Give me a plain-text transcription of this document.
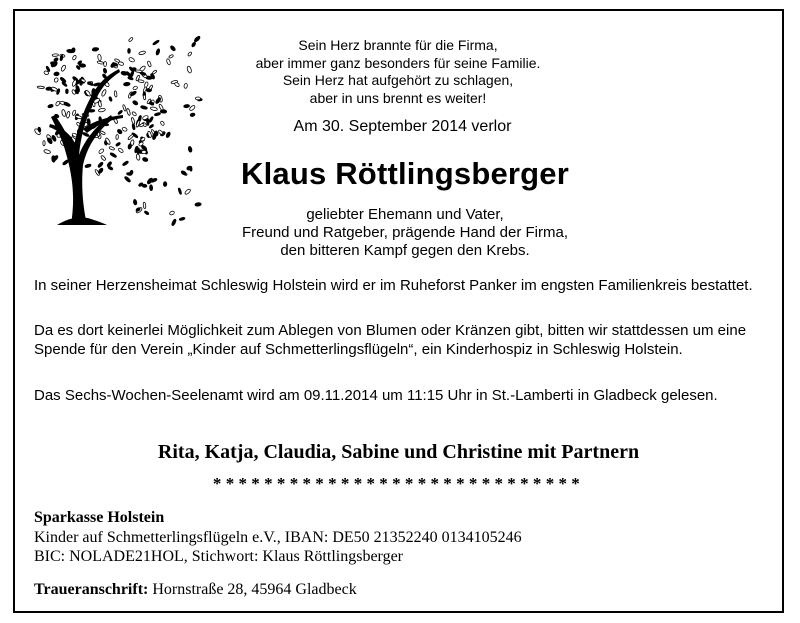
Sein Herz brannte für die Firma,
aber immer ganz besonders für seine Familie.
Sein Herz hat aufgehört zu schlagen,
aber in uns brennt es weiter!
Am 30. September 2014 verlor
Klaus Röttlingsberger
geliebter Ehemann und Vater,
Freund und Ratgeber, prägende Hand der Firma,
den bitteren Kampf gegen den Krebs.
In seiner Herzensheimat Schleswig Holstein wird er im Ruheforst Panker im engsten Familienkreis bestattet.
Da es dort keinerlei Möglichkeit zum Ablegen von Blumen oder Kränzen gibt, bitten wir stattdessen um eine Spende für den Verein „Kinder auf Schmetterlingsflügeln“, ein Kinderhospiz in Schleswig Holstein.
Das Sechs-Wochen-Seelenamt wird am 09.11.2014 um 11:15 Uhr in St.-Lamberti in Gladbeck gelesen.
Rita, Katja, Claudia, Sabine und Christine mit Partnern
*****************************
Sparkasse Holstein
Kinder auf Schmetterlingsflügeln e.V., IBAN: DE50 21352240 0134105246
BIC: NOLADE21HOL, Stichwort: Klaus Röttlingsberger
Traueranschrift: Hornstraße 28, 45964 Gladbeck
